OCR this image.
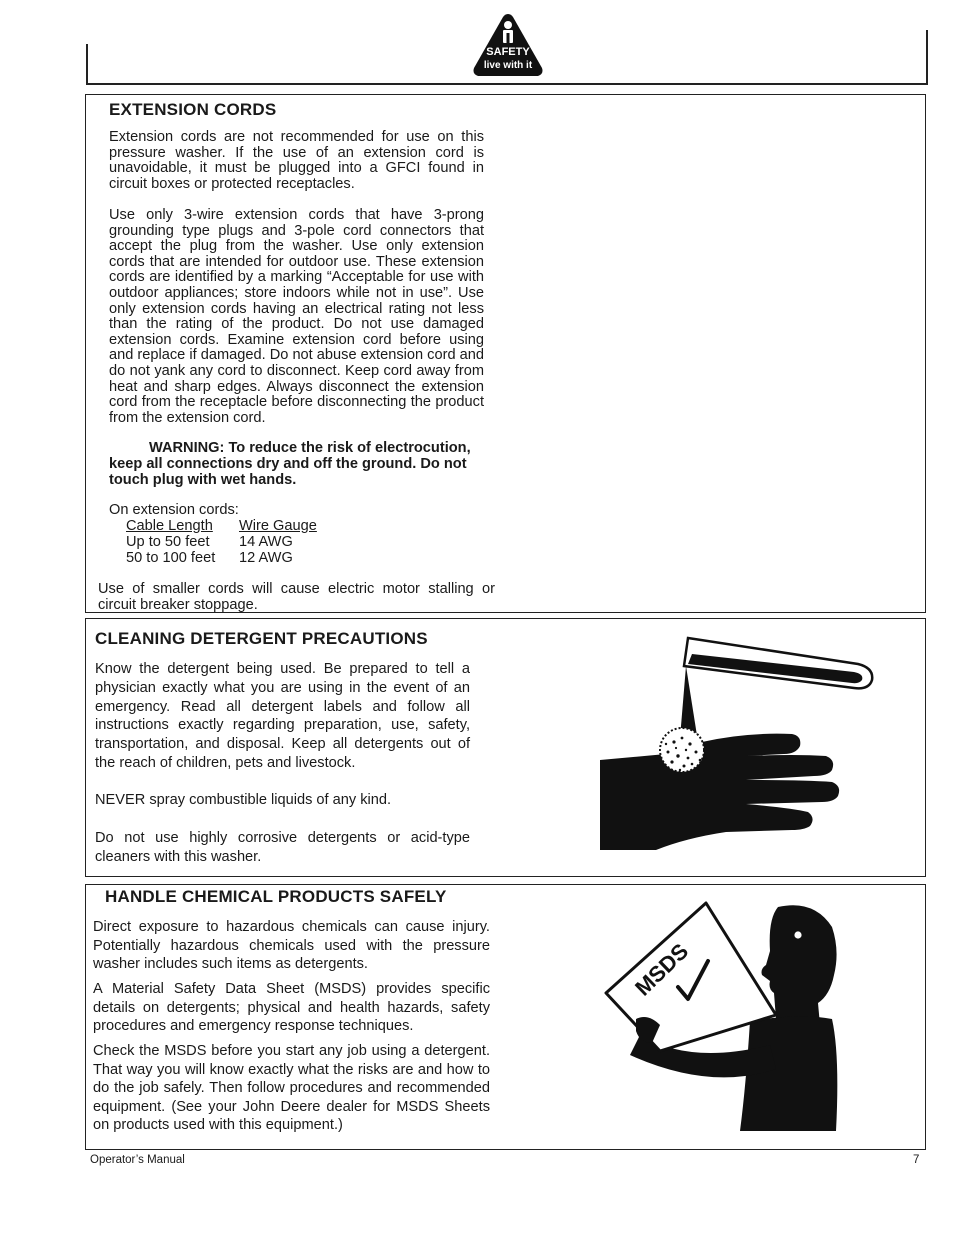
SAFETY
live with it
EXTENSION CORDS
Extension cords are not recommended for use on this pressure washer. If the use of an extension cord is unavoidable, it must be plugged into a GFCI found in circuit boxes or protected receptacles.
Use only 3-wire extension cords that have 3-prong grounding type plugs and 3-pole cord connectors that accept the plug from the washer. Use only extension cords that are intended for outdoor use. These extension cords are identified by a marking “Acceptable for use with outdoor appliances; store indoors while not in use”. Use only extension cords having an electrical rating not less than the rating of the product. Do not use damaged extension cords. Examine extension cord before using and replace if damaged. Do not abuse extension cord and do not yank any cord to disconnect. Keep cord away from heat and sharp edges. Always disconnect the extension cord from the receptacle before disconnecting the product from the extension cord.
WARNING: To reduce the risk of electrocution, keep all connections dry and off the ground. Do not touch plug with wet hands.
On extension cords:
Cable Length Wire Gauge
Up to 50 feet 14 AWG
50 to 100 feet 12 AWG
Use of smaller cords will cause electric motor stalling or circuit breaker stoppage.
CLEANING DETERGENT PRECAUTIONS
Know the detergent being used. Be prepared to tell a physician exactly what you are using in the event of an emergency. Read all detergent labels and follow all instructions exactly regarding preparation, use, safety, transportation, and disposal. Keep all detergents out of the reach of children, pets and livestock.
NEVER spray combustible liquids of any kind.
Do not use highly corrosive detergents or acid-type cleaners with this washer.
HANDLE CHEMICAL PRODUCTS SAFELY
Direct exposure to hazardous chemicals can cause injury. Potentially hazardous chemicals used with the pressure washer includes such items as detergents.
A Material Safety Data Sheet (MSDS) provides specific details on detergents; physical and health hazards, safety procedures and emergency response techniques.
Check the MSDS before you start any job using a detergent. That way you will know exactly what the risks are and how to do the job safely. Then follow procedures and recommended equipment. (See your John Deere dealer for MSDS Sheets on products used with this equipment.)
MSDS
Operator’s Manual	7
